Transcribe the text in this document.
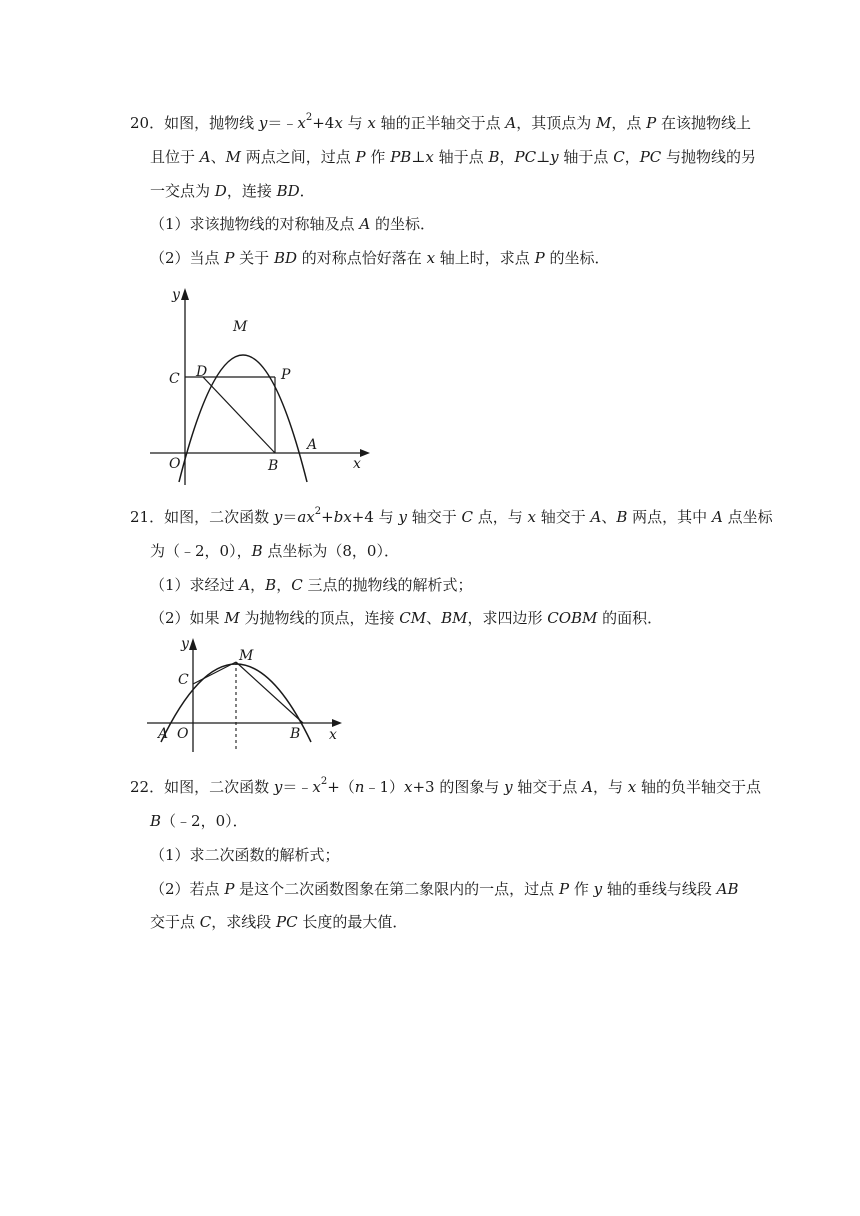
20．如图，抛物线 $y=﹣x^2+4x$ 与 x 轴的正半轴交于点 A，其顶点为 M，点 P 在该抛物线上
且位于 A、M 两点之间，过点 P 作 PB⊥x 轴于点 B，PC⊥y 轴于点 C，PC 与抛物线的另
一交点为 D，连接 BD．
（1）求该抛物线的对称轴及点 A 的坐标．
（2）当点 P 关于 BD 的对称点恰好落在 x 轴上时，求点 P 的坐标．
y
x
O
M
C D	P
B
A
21．如图，二次函数 $y=ax^2+bx+4$ 与 y 轴交于 C 点，与 x 轴交于 A、B 两点，其中 A 点坐标
为（﹣2，0），B 点坐标为（8，0）．
（1）求经过 A，B，C 三点的抛物线的解析式；
（2）如果 M 为抛物线的顶点，连接 CM、BM，求四边形 COBM 的面积．
y
x
O
M
C
B
A
22．如图，二次函数 $y=﹣x^2+(n﹣1)x+3$ 的图象与 y 轴交于点 A，与 x 轴的负半轴交于点
B（﹣2，0）．
（1）求二次函数的解析式；
（2）若点 P 是这个二次函数图象在第二象限内的一点，过点 P 作 y 轴的垂线与线段 AB
交于点 C，求线段 PC 长度的最大值．
